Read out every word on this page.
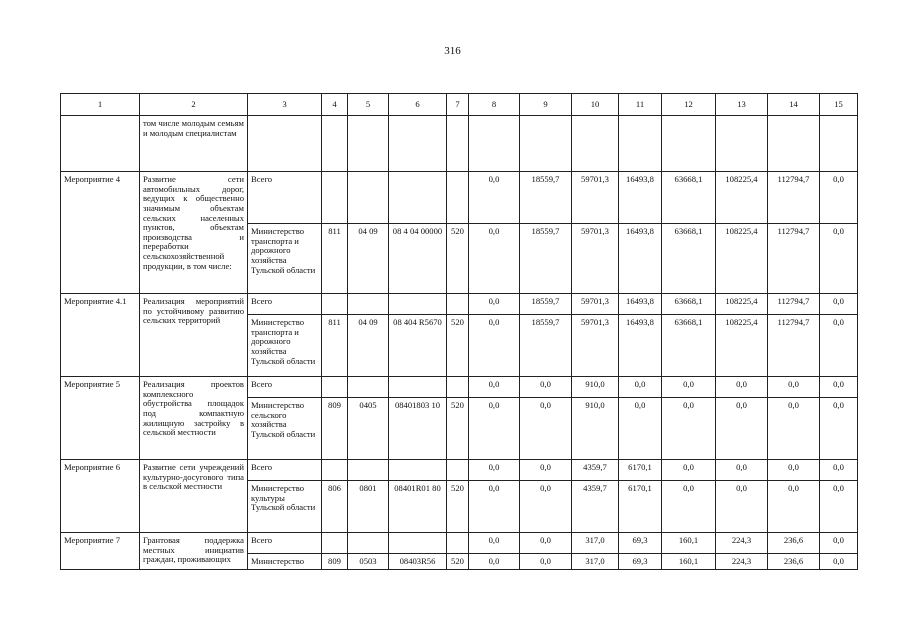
316
1	2	3	4	5	6	7	8	9	10	11	12	13	14	15
	том числе молодым семьям и молодым специалистам													
Мероприятие 4	Развитие сети автомобильных дорог, ведущих к общественно значимым объектам сельских населенных пунктов, объектам производства и переработки сельскохозяйственной продукции, в том числе:	Всего					0,0	18559,7	59701,3	16493,8	63668,1	108225,4	112794,7	0,0
		Министерство транспорта и дорожного хозяйства Тульской области	811	04 09	08 4 04 00000	520	0,0	18559,7	59701,3	16493,8	63668,1	108225,4	112794,7	0,0
Мероприятие 4.1	Реализация мероприятий по устойчивому развитию сельских территорий	Всего					0,0	18559,7	59701,3	16493,8	63668,1	108225,4	112794,7	0,0
		Министерство транспорта и дорожного хозяйства Тульской области	811	04 09	08 404 R5670	520	0,0	18559,7	59701,3	16493,8	63668,1	108225,4	112794,7	0,0
Мероприятие 5	Реализация проектов комплексного обустройства площадок под компактную жилищную застройку в сельской местности	Всего					0,0	0,0	910,0	0,0	0,0	0,0	0,0	0,0
		Министерство сельского хозяйства Тульской области	809	0405	08401803 10	520	0,0	0,0	910,0	0,0	0,0	0,0	0,0	0,0
Мероприятие 6	Развитие сети учреждений культурно-досугового типа в сельской местности	Всего					0,0	0,0	4359,7	6170,1	0,0	0,0	0,0	0,0
		Министерство культуры Тульской области	806	0801	08401R01 80	520	0,0	0,0	4359,7	6170,1	0,0	0,0	0,0	0,0
Мероприятие 7	Грантовая поддержка местных инициатив граждан, проживающих	Всего					0,0	0,0	317,0	69,3	160,1	224,3	236,6	0,0
		Министерство	809	0503	08403R56	520	0,0	0,0	317,0	69,3	160,1	224,3	236,6	0,0
